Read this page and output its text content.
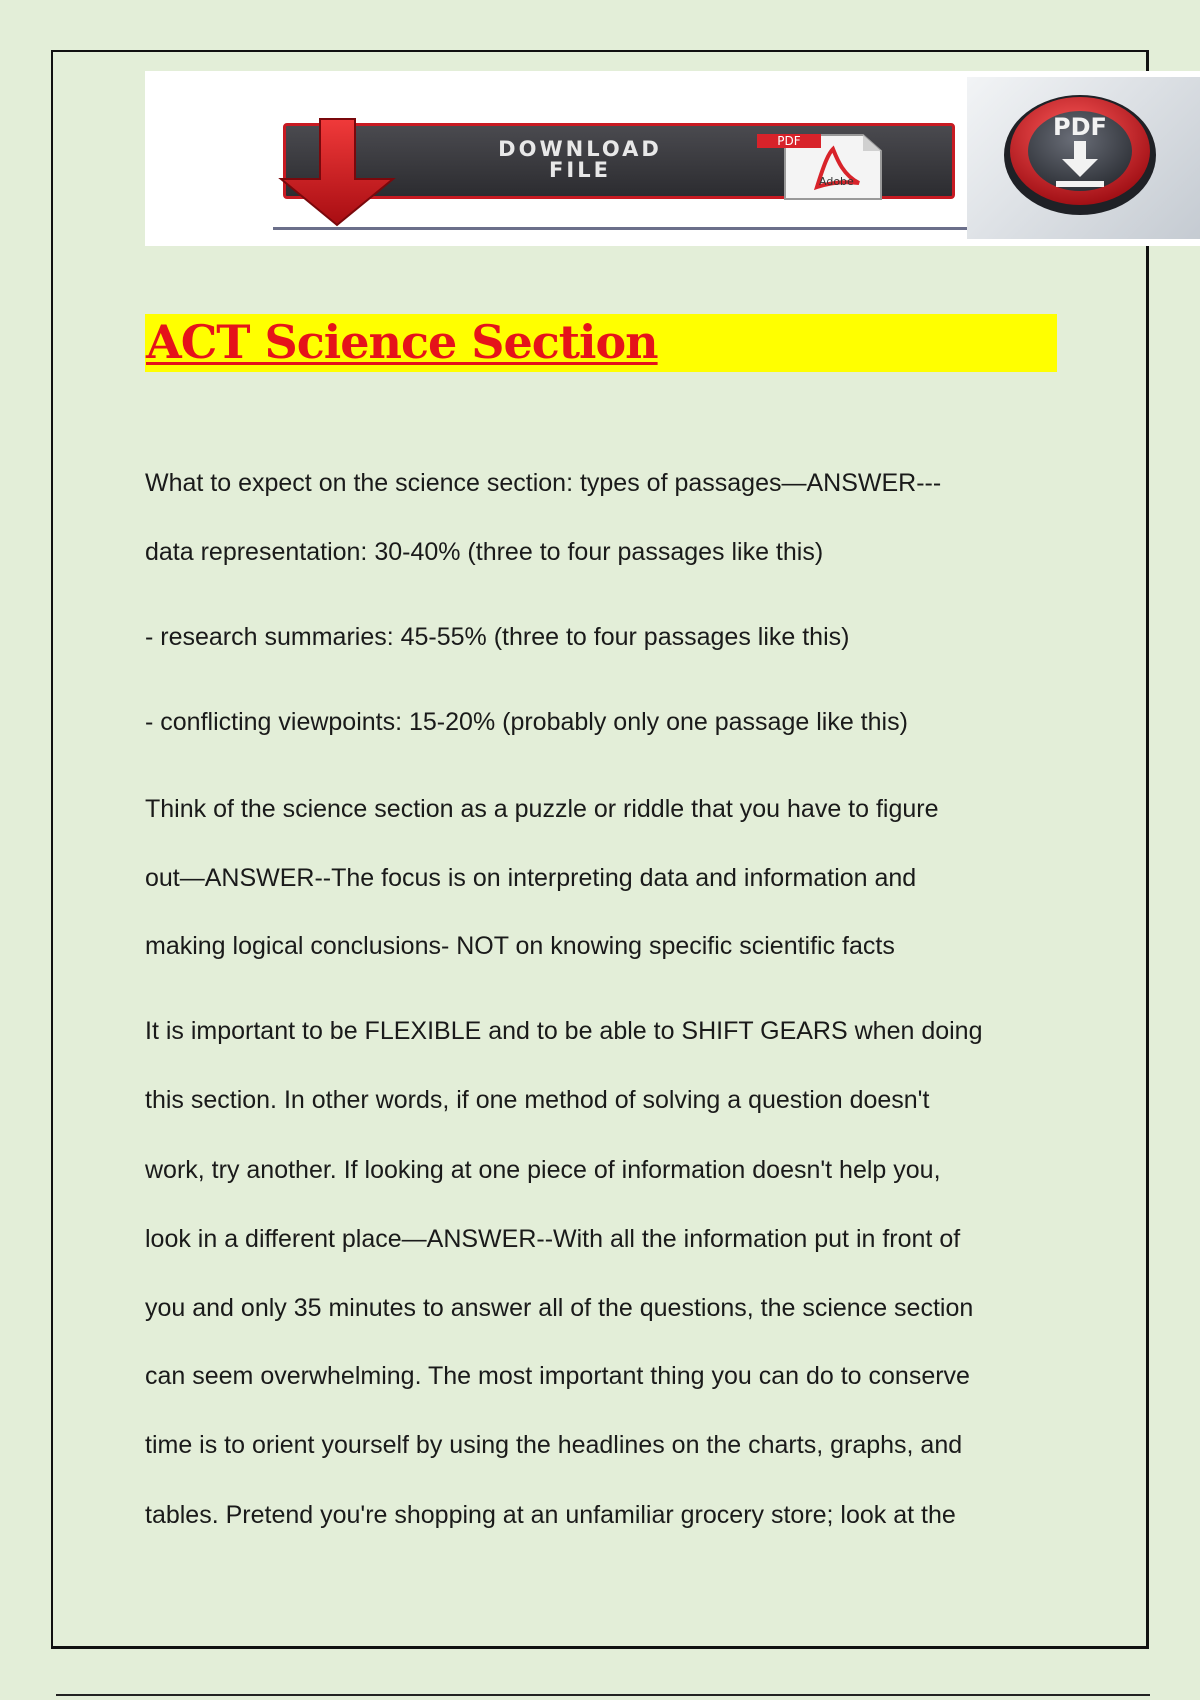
DOWNLOAD
FILE
PDF
Adobe
PDF
ACT Science Section
What to expect on the science section: types of passages—ANSWER---
data representation: 30-40% (three to four passages like this)
- research summaries: 45-55% (three to four passages like this)
- conflicting viewpoints: 15-20% (probably only one passage like this)
Think of the science section as a puzzle or riddle that you have to figure
out—ANSWER--The focus is on interpreting data and information and
making logical conclusions- NOT on knowing specific scientific facts
It is important to be FLEXIBLE and to be able to SHIFT GEARS when doing
this section. In other words, if one method of solving a question doesn't
work, try another. If looking at one piece of information doesn't help you,
look in a different place—ANSWER--With all the information put in front of
you and only 35 minutes to answer all of the questions, the science section
can seem overwhelming. The most important thing you can do to conserve
time is to orient yourself by using the headlines on the charts, graphs, and
tables. Pretend you're shopping at an unfamiliar grocery store; look at the
